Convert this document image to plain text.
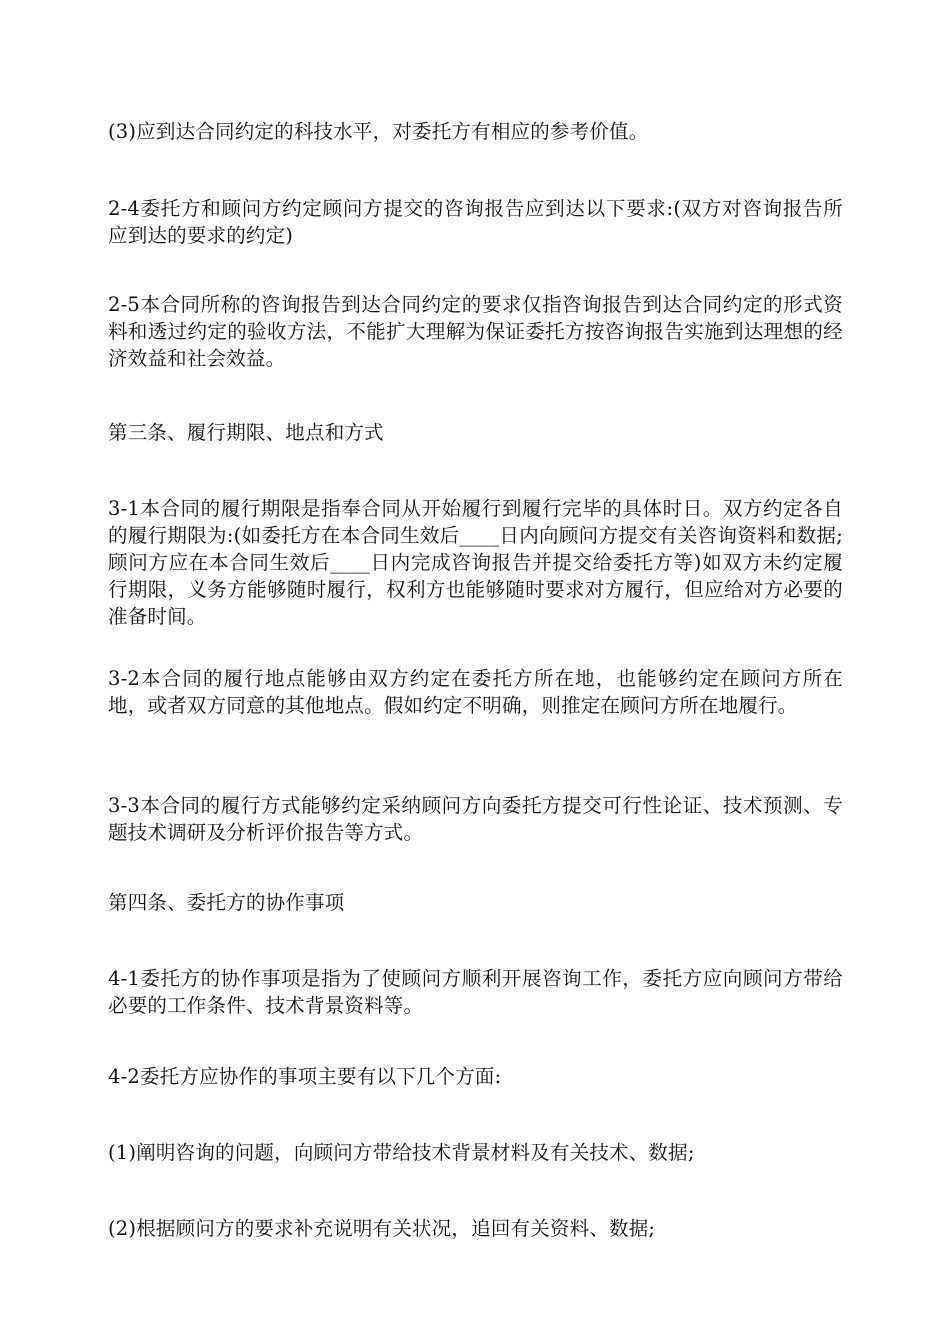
(3)应到达合同约定的科技水平，对委托方有相应的参考价值。

2-4委托方和顾问方约定顾问方提交的咨询报告应到达以下要求:(双方对咨询报告所应到达的要求的约定)

2-5本合同所称的咨询报告到达合同约定的要求仅指咨询报告到达合同约定的形式资料和透过约定的验收方法，不能扩大理解为保证委托方按咨询报告实施到达理想的经济效益和社会效益。

第三条、履行期限、地点和方式

3-1本合同的履行期限是指奉合同从开始履行到履行完毕的具体时日。双方约定各自的履行期限为:(如委托方在本合同生效后____日内向顾问方提交有关咨询资料和数据;顾问方应在本合同生效后____日内完成咨询报告并提交给委托方等)如双方未约定履行期限，义务方能够随时履行，权利方也能够随时要求对方履行，但应给对方必要的准备时间。

3-2本合同的履行地点能够由双方约定在委托方所在地，也能够约定在顾问方所在地，或者双方同意的其他地点。假如约定不明确，则推定在顾问方所在地履行。

3-3本合同的履行方式能够约定采纳顾问方向委托方提交可行性论证、技术预测、专题技术调研及分析评价报告等方式。

第四条、委托方的协作事项

4-1委托方的协作事项是指为了使顾问方顺利开展咨询工作，委托方应向顾问方带给必要的工作条件、技术背景资料等。

4-2委托方应协作的事项主要有以下几个方面:

(1)阐明咨询的问题，向顾问方带给技术背景材料及有关技术、数据;

(2)根据顾问方的要求补充说明有关状况，追回有关资料、数据;
